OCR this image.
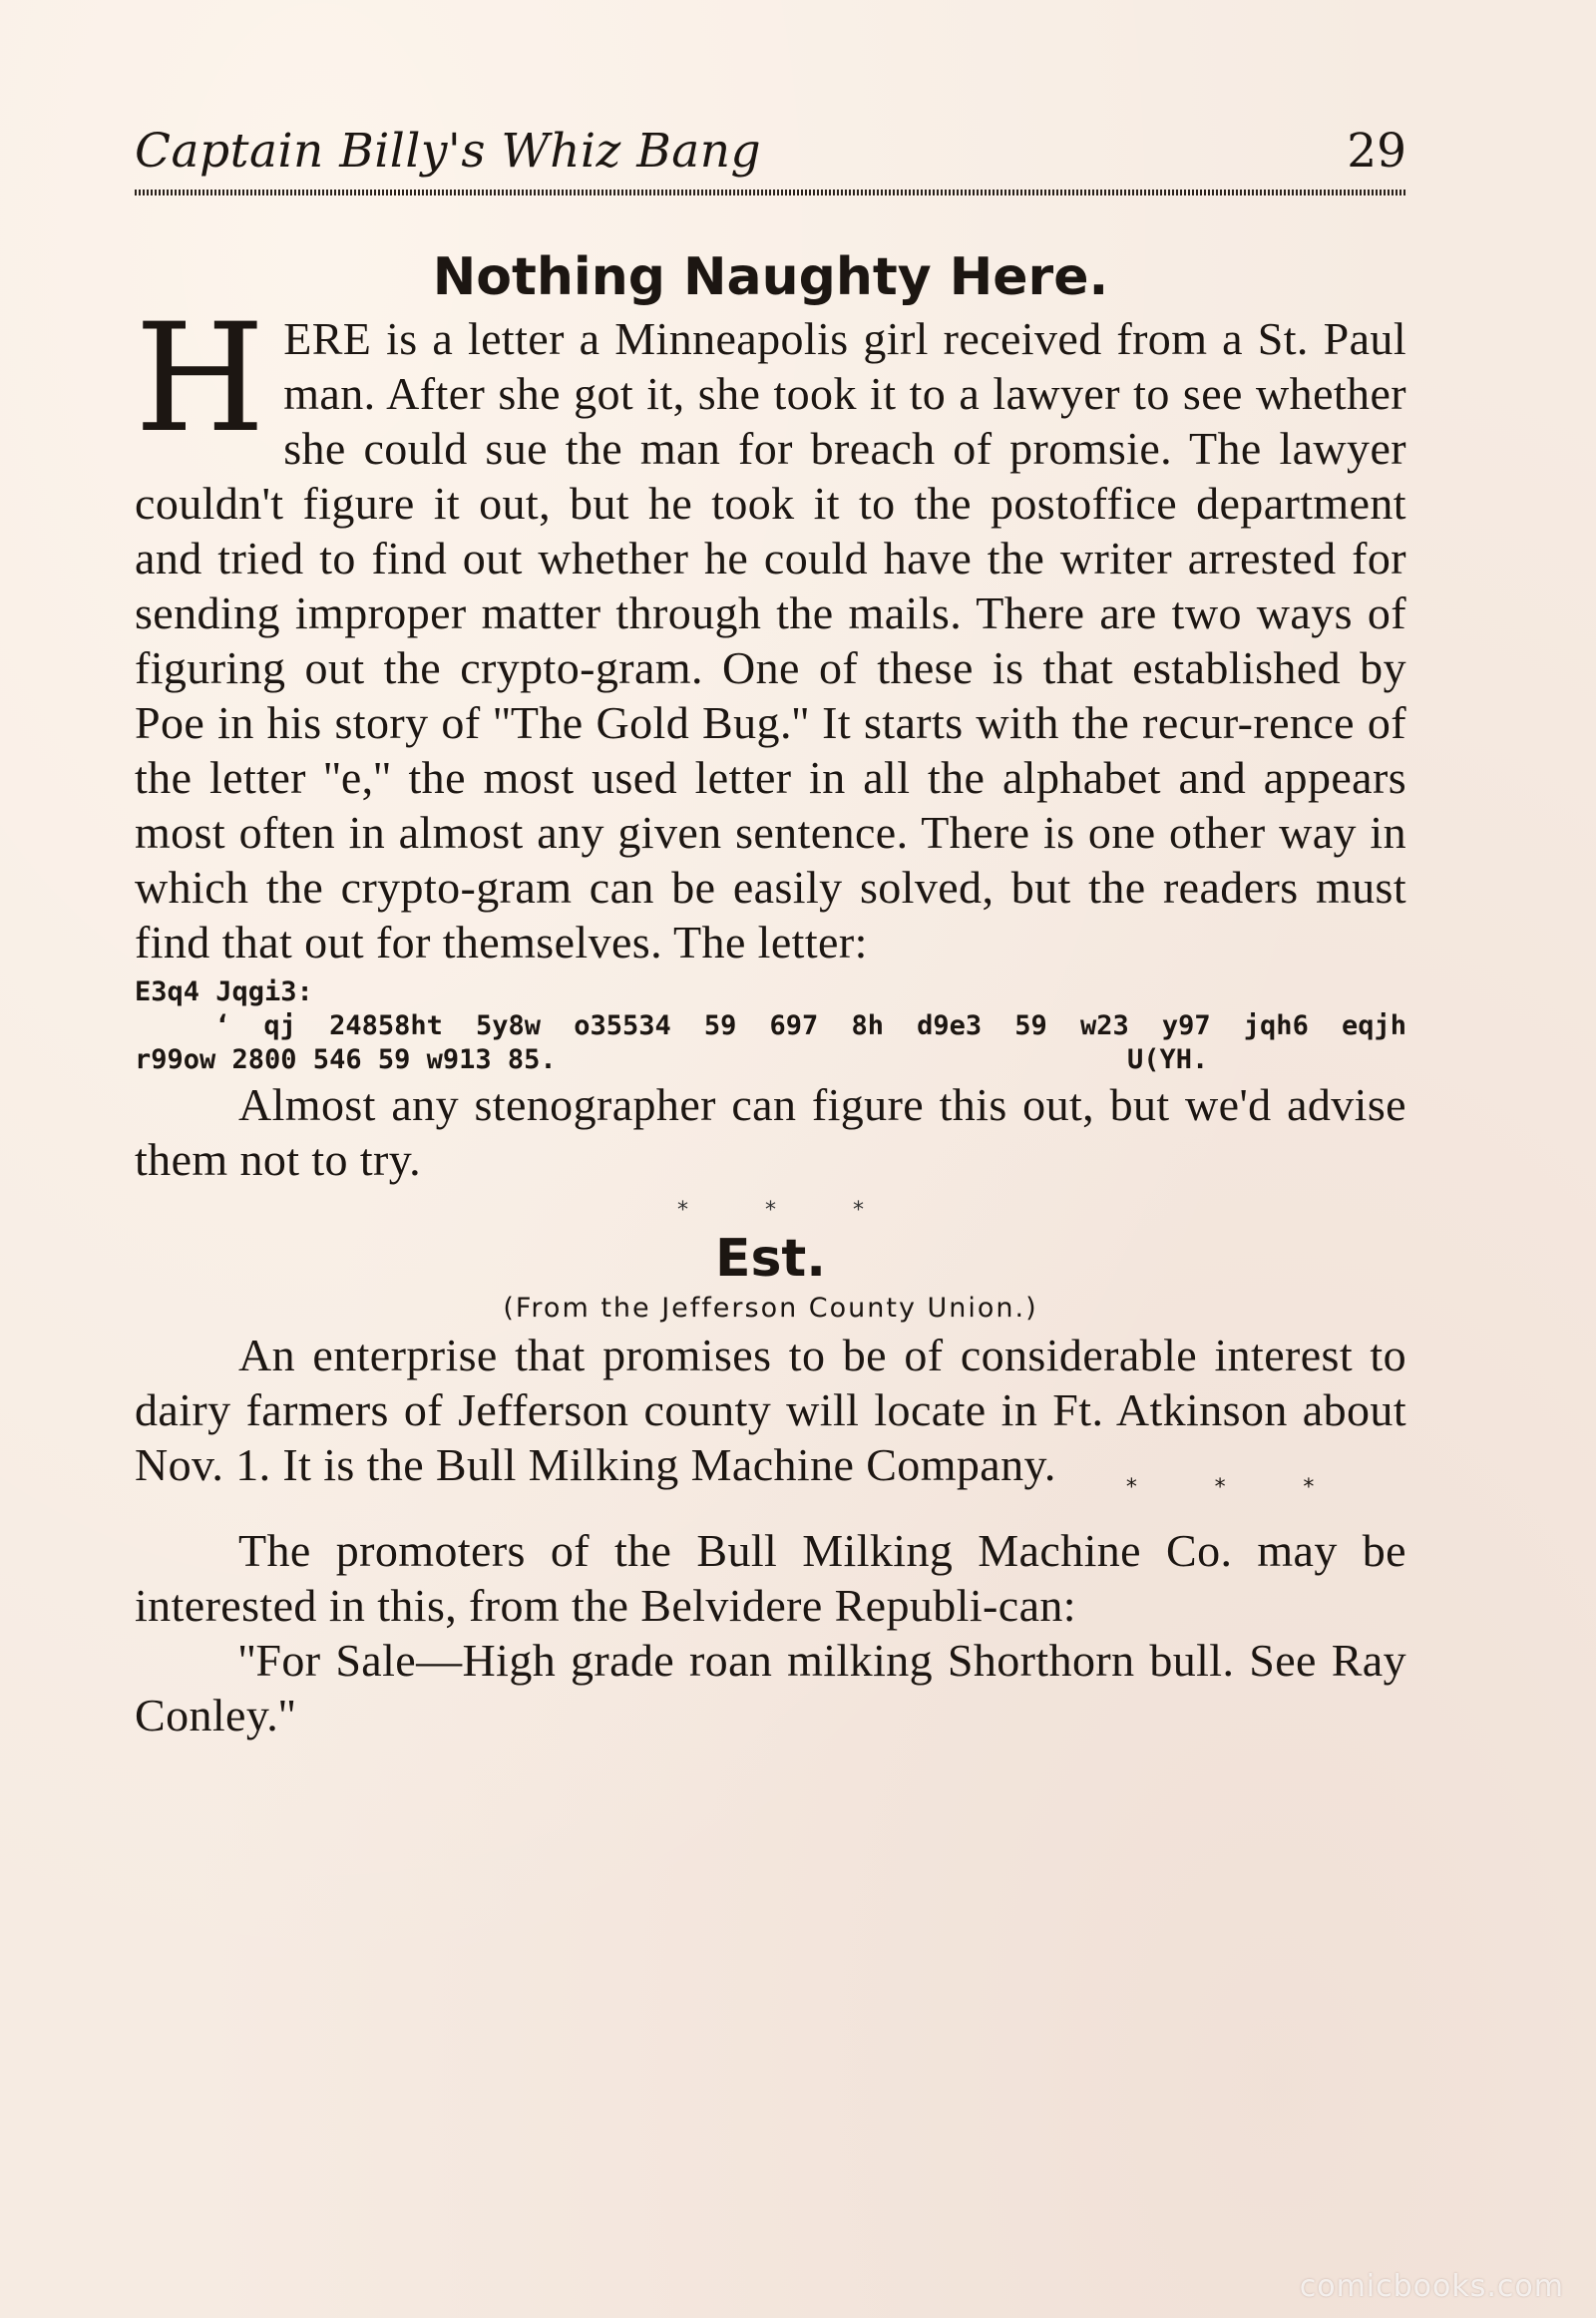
Captain Billy's Whiz Bang	29
Nothing Naughty Here.

HERE is a letter a Minneapolis girl received from a St. Paul man. After she got it, she took it to a lawyer to see whether she could sue the man for breach of promsie. The lawyer couldn't figure it out, but he took it to the postoffice department and tried to find out whether he could have the writer arrested for sending improper matter through the mails. There are two ways of figuring out the crypto-gram. One of these is that established by Poe in his story of ''The Gold Bug.'' It starts with the recur-rence of the letter ''e,'' the most used letter in all the alphabet and appears most often in almost any given sentence. There is one other way in which the crypto-gram can be easily solved, but the readers must find that out for themselves. The letter:

E3q4 Jqgi3:

‘ qj 24858ht 5y8w o35534 59 697 8h d9e3 59 w23 y97 jqh6 eqjh

r99ow 2800 546 59 w913 85.	U(YH.

Almost any stenographer can figure this out, but we'd advise them not to try.

* * *

Est.

(From the Jefferson County Union.)

An enterprise that promises to be of considerable interest to dairy farmers of Jefferson county will locate in Ft. Atkinson about Nov. 1. It is the Bull Milking Machine Company.	$_{* * *}$

The promoters of the Bull Milking Machine Co. may be interested in this, from the Belvidere Republi-can:

''For Sale—High grade roan milking Shorthorn bull. See Ray Conley.''

comicbooks.com
